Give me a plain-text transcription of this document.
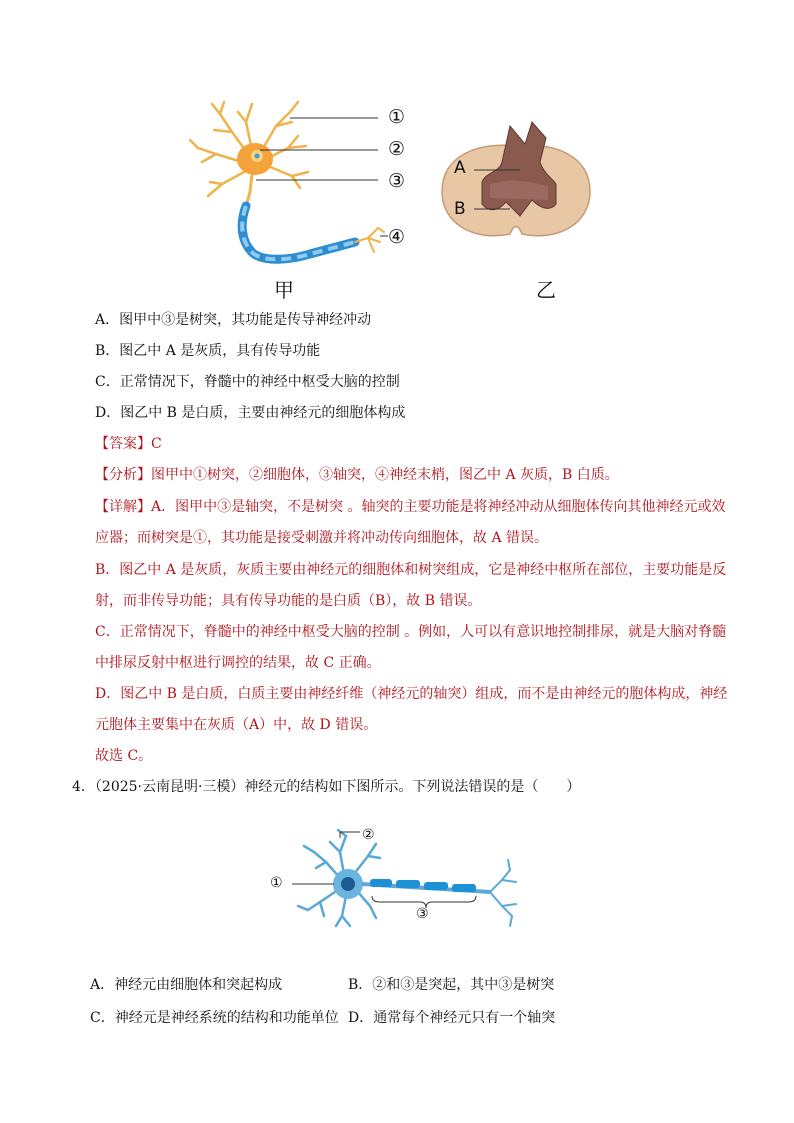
①
②
③
④
甲
A
B
乙
A．图甲中③是树突，其功能是传导神经冲动
B．图乙中 A 是灰质，具有传导功能
C．正常情况下，脊髓中的神经中枢受大脑的控制
D．图乙中 B 是白质，主要由神经元的细胞体构成
【答案】C
【分析】图甲中①树突，②细胞体，③轴突，④神经末梢，图乙中 A 灰质，B 白质。
【详解】A．图甲中③是轴突，不是树突 。轴突的主要功能是将神经冲动从细胞体传向其他神经元或效
应器；而树突是①，其功能是接受刺激并将冲动传向细胞体，故 A 错误。
B．图乙中 A 是灰质，灰质主要由神经元的细胞体和树突组成，它是神经中枢所在部位，主要功能是反
射，而非传导功能；具有传导功能的是白质（B），故 B 错误。
C．正常情况下，脊髓中的神经中枢受大脑的控制 。例如，人可以有意识地控制排尿，就是大脑对脊髓
中排尿反射中枢进行调控的结果，故 C 正确。
D．图乙中 B 是白质，白质主要由神经纤维（神经元的轴突）组成，而不是由神经元的胞体构成，神经
元胞体主要集中在灰质（A）中，故 D 错误。
故选 C。
4．（2025·云南昆明·三模）神经元的结构如下图所示。下列说法错误的是（　　）
①
②
③
A．神经元由细胞体和突起构成	B．②和③是突起，其中③是树突
C．神经元是神经系统的结构和功能单位 D．通常每个神经元只有一个轴突
